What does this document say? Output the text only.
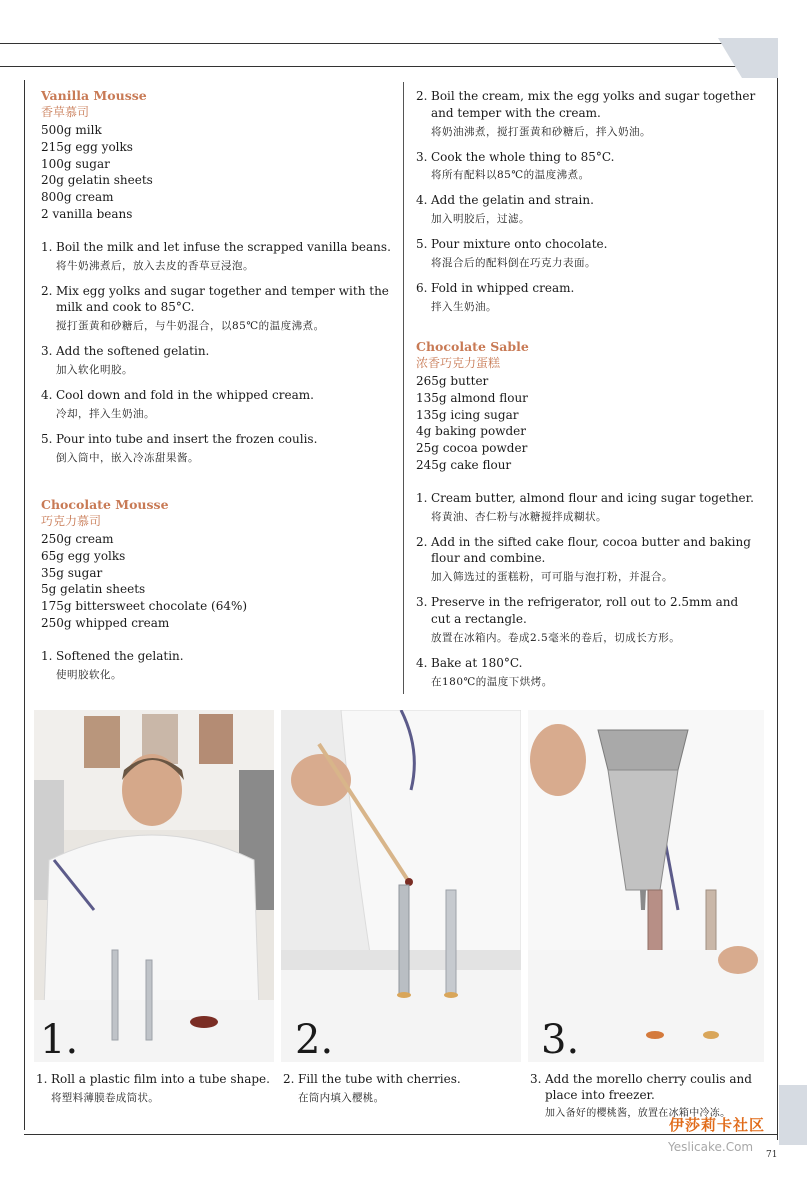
Vanilla Mousse
香草慕司
500g milk
215g egg yolks
100g sugar
20g gelatin sheets
800g cream
2 vanilla beans
1. Boil the milk and let infuse the scrapped vanilla beans.
将牛奶沸煮后，放入去皮的香草豆浸泡。
2. Mix egg yolks and sugar together and temper with the milk and cook to 85°C.
搅打蛋黄和砂糖后，与牛奶混合，以85℃的温度沸煮。
3. Add the softened gelatin.
加入软化明胶。
4. Cool down and fold in the whipped cream.
冷却，拌入生奶油。
5. Pour into tube and insert the frozen coulis.
倒入筒中，嵌入冷冻甜果酱。
Chocolate Mousse
巧克力慕司
250g cream
65g egg yolks
35g sugar
5g gelatin sheets
175g bittersweet chocolate (64%)
250g whipped cream
1. Softened the gelatin.
使明胶软化。
2. Boil the cream, mix the egg yolks and sugar together and temper with the cream.
将奶油沸煮，搅打蛋黄和砂糖后，拌入奶油。
3. Cook the whole thing to 85°C.
将所有配料以85℃的温度沸煮。
4. Add the gelatin and strain.
加入明胶后，过滤。
5. Pour mixture onto chocolate.
将混合后的配料倒在巧克力表面。
6. Fold in whipped cream.
拌入生奶油。
Chocolate Sable
浓香巧克力蛋糕
265g butter
135g almond flour
135g icing sugar
4g baking powder
25g cocoa powder
245g cake flour
1. Cream butter, almond flour and icing sugar together.
将黄油、杏仁粉与冰糖搅拌成糊状。
2. Add in the sifted cake flour, cocoa butter and baking flour and combine.
加入筛选过的蛋糕粉，可可脂与泡打粉，并混合。
3. Preserve in the refrigerator, roll out to 2.5mm and cut a rectangle.
放置在冰箱内。卷成2.5毫米的卷后，切成长方形。
4. Bake at 180°C.
在180℃的温度下烘烤。
1.	2.	3.
1. Roll a plastic film into a tube shape.
将塑料薄膜卷成筒状。
2. Fill the tube with cherries.
在筒内填入樱桃。
3. Add the morello cherry coulis and place into freezer.
加入备好的樱桃酱，放置在冰箱中冷冻。
伊莎莉卡社区
Yeslicake.Com
71
